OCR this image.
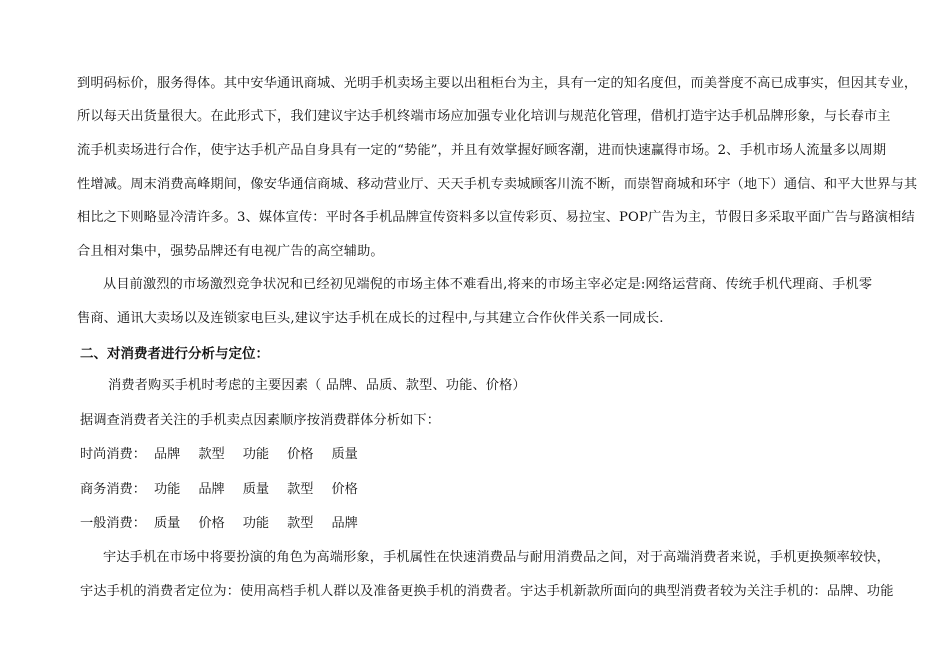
到明码标价，服务得体。其中安华通讯商城、光明手机卖场主要以出租柜台为主，具有一定的知名度但，而美誉度不高已成事实，但因其专业，
所以每天出货量很大。在此形式下，我们建议宇达手机终端市场应加强专业化培训与规范化管理，借机打造宇达手机品牌形象，与长春市主
流手机卖场进行合作，使宇达手机产品自身具有一定的“势能”，并且有效掌握好顾客潮，进而快速赢得市场。2、手机市场人流量多以周期
性增减。周末消费高峰期间，像安华通信商城、移动营业厅、天天手机专卖城顾客川流不断，而崇智商城和环宇（地下）通信、和平大世界与其
相比之下则略显冷清许多。3、媒体宣传：平时各手机品牌宣传资料多以宣传彩页、易拉宝、POP广告为主，节假日多采取平面广告与路演相结
合且相对集中，强势品牌还有电视广告的高空辅助。
从目前激烈的市场激烈竞争状况和已经初见端倪的市场主体不难看出,将来的市场主宰必定是:网络运营商、传统手机代理商、手机零
售商、通讯大卖场以及连锁家电巨头,建议宇达手机在成长的过程中,与其建立合作伙伴关系一同成长.
二、对消费者进行分析与定位：
消费者购买手机时考虑的主要因素（ 品牌、品质、款型、功能、价格）
据调查消费者关注的手机卖点因素顺序按消费群体分析如下：
时尚消费： 品牌 款型 功能 价格 质量
商务消费： 功能 品牌 质量 款型 价格
一般消费： 质量 价格 功能 款型 品牌
宇达手机在市场中将要扮演的角色为高端形象，手机属性在快速消费品与耐用消费品之间，对于高端消费者来说，手机更换频率较快，
宇达手机的消费者定位为：使用高档手机人群以及准备更换手机的消费者。宇达手机新款所面向的典型消费者较为关注手机的：品牌、功能
